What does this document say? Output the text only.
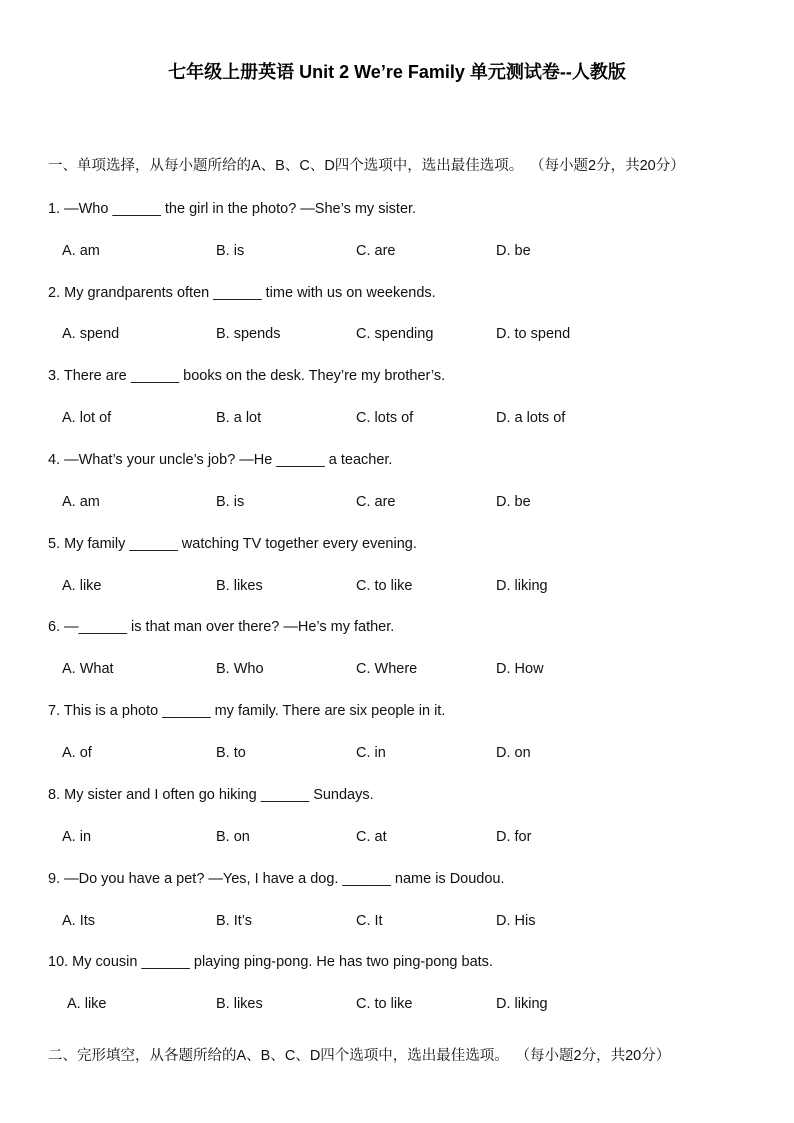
七年级上册英语 Unit 2 We’re Family 单元测试卷--人教版
一、单项选择，从每小题所给的A、B、C、D四个选项中，选出最佳选项。 （每小题2分，共20分）
1. —Who ______ the girl in the photo? —She’s my sister.
A. am	B. is	C. are	D. be
2. My grandparents often ______ time with us on weekends.
A. spend	B. spends	C. spending	D. to spend
3. There are ______ books on the desk. They’re my brother’s.
A. lot of	B. a lot	C. lots of	D. a lots of
4. —What’s your uncle’s job? —He ______ a teacher.
A. am	B. is	C. are	D. be
5. My family ______ watching TV together every evening.
A. like	B. likes	C. to like	D. liking
6. —______ is that man over there? —He’s my father.
A. What	B. Who	C. Where	D. How
7. This is a photo ______ my family. There are six people in it.
A. of	B. to	C. in	D. on
8. My sister and I often go hiking ______ Sundays.
A. in	B. on	C. at	D. for
9. —Do you have a pet? —Yes, I have a dog. ______ name is Doudou.
A. Its	B. It’s	C. It	D. His
10. My cousin ______ playing ping-pong. He has two ping-pong bats.
A. like	B. likes	C. to like	D. liking
二、完形填空，从各题所给的A、B、C、D四个选项中，选出最佳选项。 （每小题2分，共20分）
